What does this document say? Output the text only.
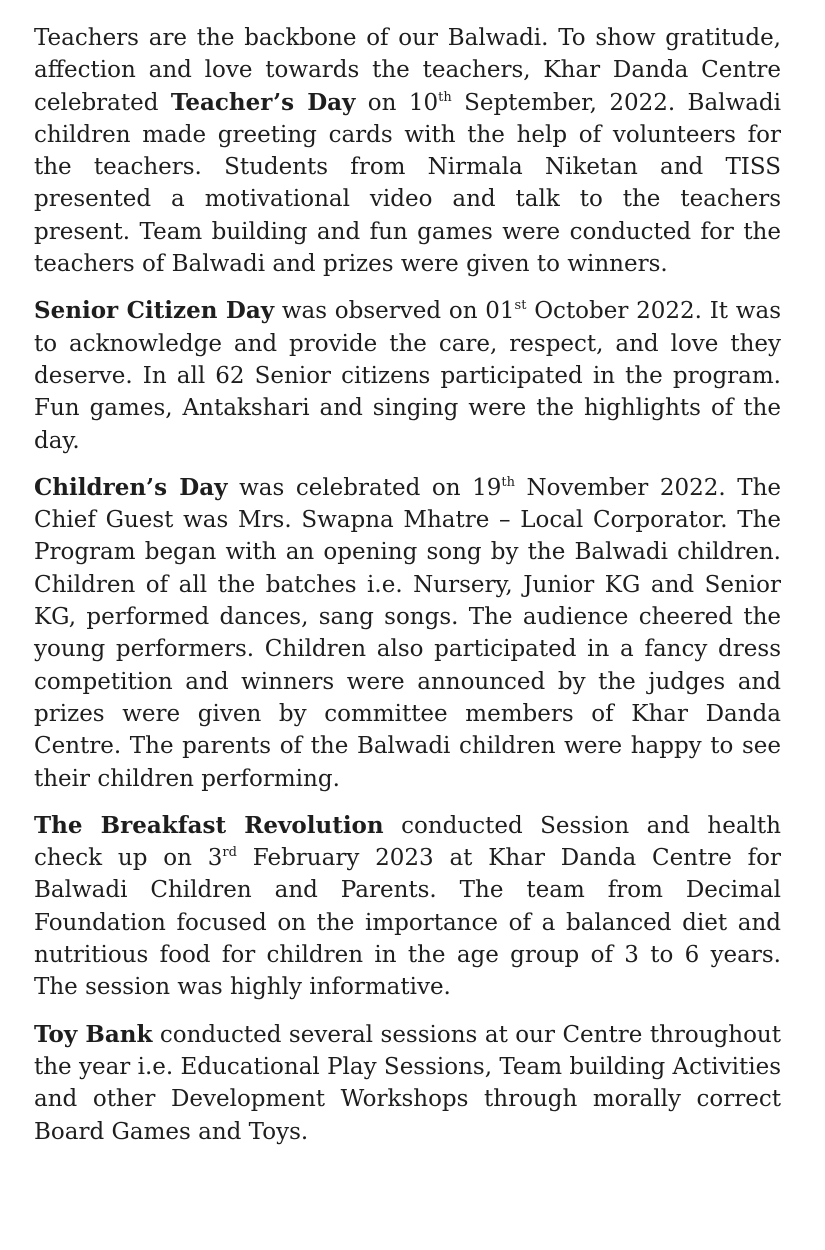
Teachers are the backbone of our Balwadi. To show gratitude, affection and love towards the teachers, Khar Danda Centre celebrated Teacher’s Day on 10th September, 2022. Balwadi children made greeting cards with the help of volunteers for the teachers. Students from Nirmala Niketan and TISS presented a motivational video and talk to the teachers present. Team building and fun games were conducted for the teachers of Balwadi and prizes were given to winners.

Senior Citizen Day was observed on 01st October 2022. It was to acknowledge and provide the care, respect, and love they deserve. In all 62 Senior citizens participated in the program. Fun games, Antakshari and singing were the highlights of the day.

Children’s Day was celebrated on 19th November 2022. The Chief Guest was Mrs. Swapna Mhatre – Local Corporator. The Program began with an opening song by the Balwadi children. Children of all the batches i.e. Nursery, Junior KG and Senior KG, performed dances, sang songs. The audience cheered the young performers. Children also participated in a fancy dress competition and winners were announced by the judges and prizes were given by committee members of Khar Danda Centre. The parents of the Balwadi children were happy to see their children performing.

The Breakfast Revolution conducted Session and health check up on 3rd February 2023 at Khar Danda Centre for Balwadi Children and Parents. The team from Decimal Foundation focused on the importance of a balanced diet and nutritious food for children in the age group of 3 to 6 years. The session was highly informative.

Toy Bank conducted several sessions at our Centre throughout the year i.e. Educational Play Sessions, Team building Activities and other Development Workshops through morally correct Board Games and Toys.
